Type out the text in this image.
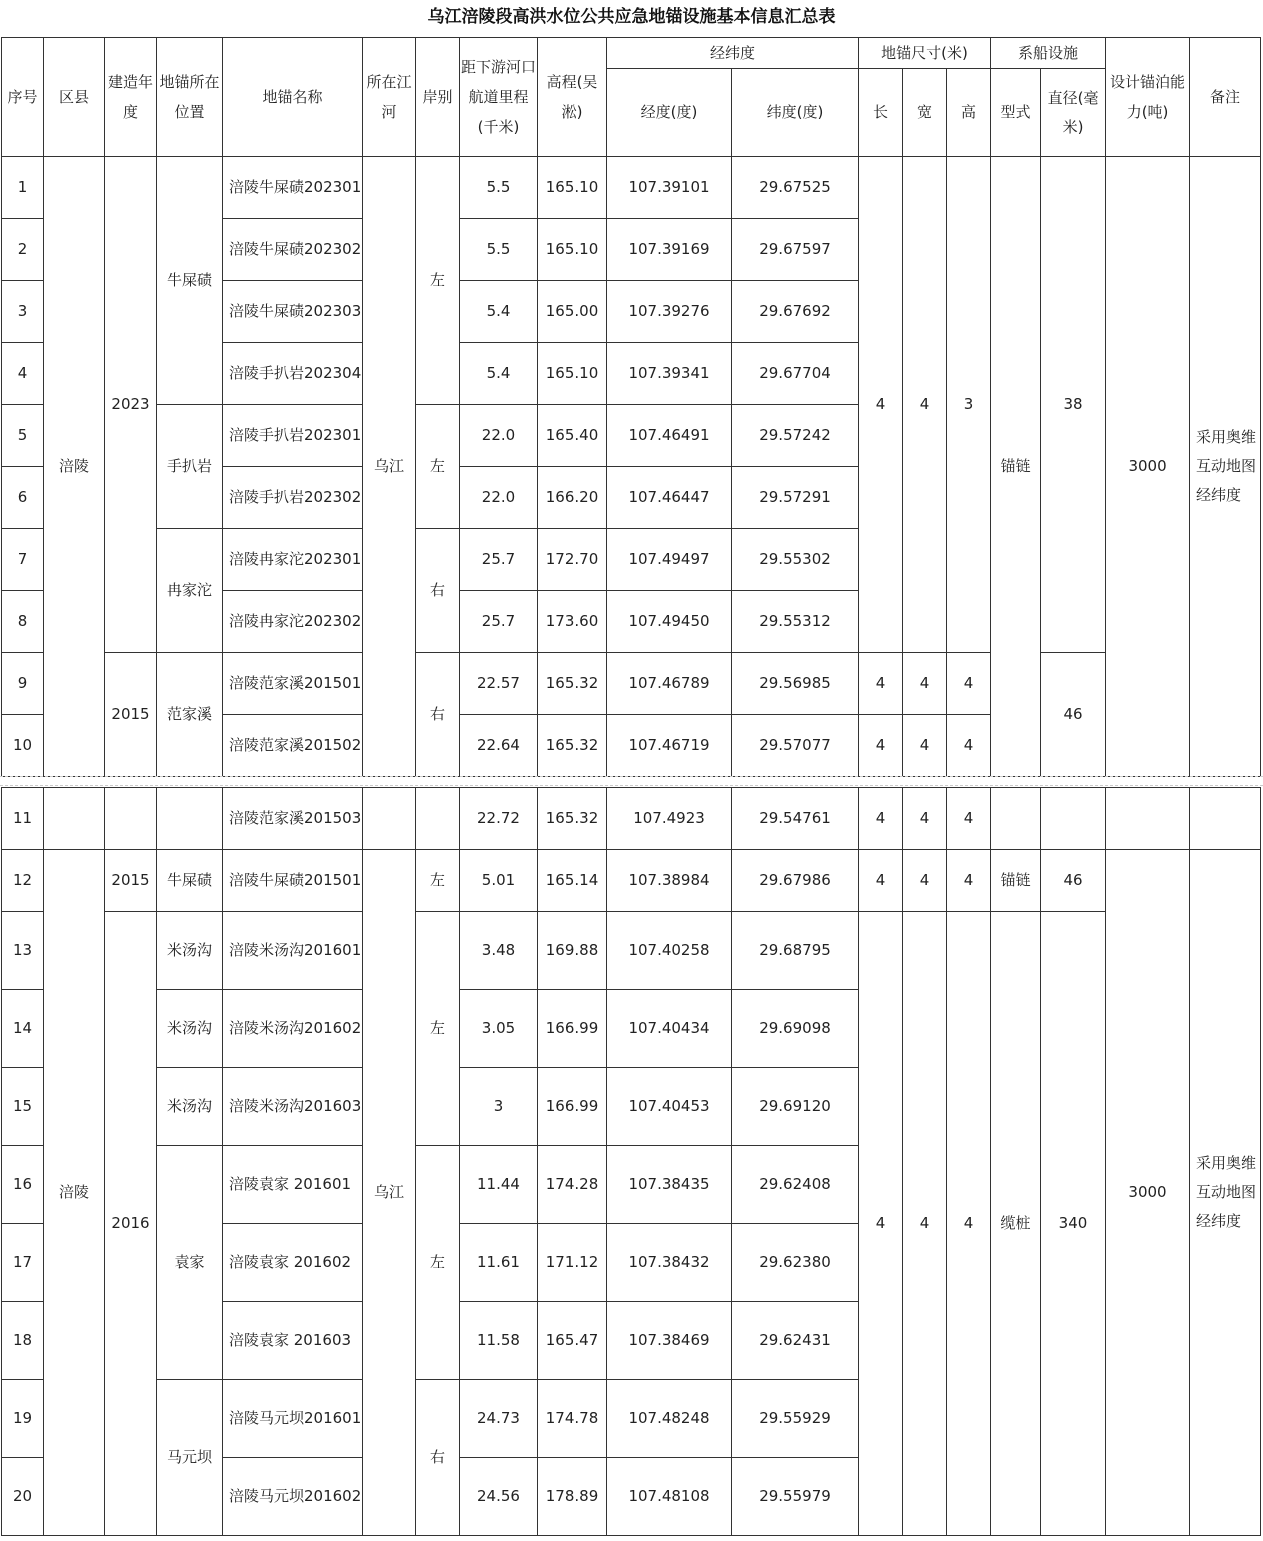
乌江涪陵段高洪水位公共应急地锚设施基本信息汇总表
序号	区县	建造年度	地锚所在位置	地锚名称	所在江河	岸别	距下游河口航道里程(千米)	高程(吴淞)	经纬度		地锚尺寸(米)			系船设施		设计锚泊能力(吨)	备注
									经度(度)	纬度(度)	长	宽	高	型式	直径(毫米)		
1	涪陵	2023	牛屎碛	涪陵牛屎碛202301	乌江	左	5.5	165.10	107.39101	29.67525	4	4	3	锚链	38	3000	采用奥维互动地图经纬度
2				涪陵牛屎碛202302			5.5	165.10	107.39169	29.67597							
3				涪陵牛屎碛202303			5.4	165.00	107.39276	29.67692							
4				涪陵手扒岩202304			5.4	165.10	107.39341	29.67704							
5			手扒岩	涪陵手扒岩202301		左	22.0	165.40	107.46491	29.57242							
6				涪陵手扒岩202302			22.0	166.20	107.46447	29.57291							
7			冉家沱	涪陵冉家沱202301		右	25.7	172.70	107.49497	29.55302							
8				涪陵冉家沱202302			25.7	173.60	107.49450	29.55312							
9		2015	范家溪	涪陵范家溪201501		右	22.57	165.32	107.46789	29.56985	4	4	4		46		
10				涪陵范家溪201502			22.64	165.32	107.46719	29.57077	4	4	4				
11				涪陵范家溪201503			22.72	165.32	107.4923	29.54761	4	4	4				
12	涪陵	2015	牛屎碛	涪陵牛屎碛201501	乌江	左	5.01	165.14	107.38984	29.67986	4	4	4	锚链	46	3000	采用奥维互动地图经纬度
13		2016	米汤沟	涪陵米汤沟201601		左	3.48	169.88	107.40258	29.68795	4	4	4	缆桩	340		
14			米汤沟	涪陵米汤沟201602			3.05	166.99	107.40434	29.69098							
15			米汤沟	涪陵米汤沟201603			3	166.99	107.40453	29.69120							
16			袁家	涪陵袁家 201601		左	11.44	174.28	107.38435	29.62408							
17				涪陵袁家 201602			11.61	171.12	107.38432	29.62380							
18				涪陵袁家 201603			11.58	165.47	107.38469	29.62431							
19			马元坝	涪陵马元坝201601		右	24.73	174.78	107.48248	29.55929							
20				涪陵马元坝201602			24.56	178.89	107.48108	29.55979							
